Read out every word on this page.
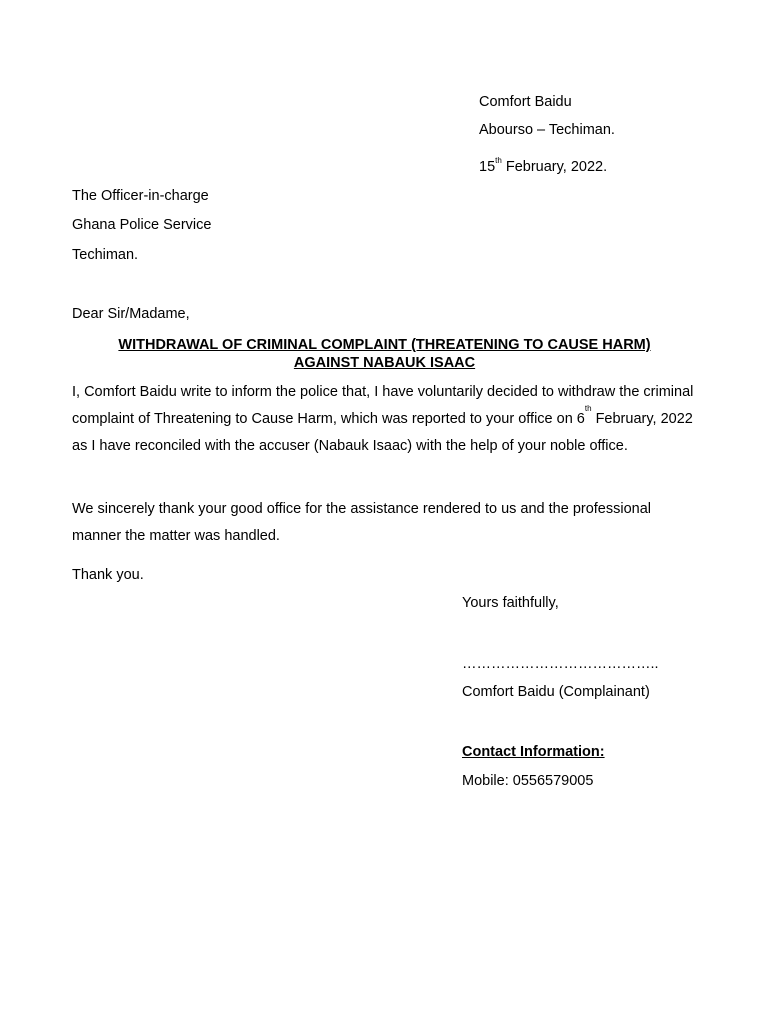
Comfort Baidu
Abourso – Techiman.
15th February, 2022.
The Officer-in-charge
Ghana Police Service
Techiman.
Dear Sir/Madame,
WITHDRAWAL OF CRIMINAL COMPLAINT (THREATENING TO CAUSE HARM)
AGAINST NABAUK ISAAC
I, Comfort Baidu write to inform the police that, I have voluntarily decided to withdraw the criminal complaint of Threatening to Cause Harm, which was reported to your office on 6th February, 2022 as I have reconciled with the accuser (Nabauk Isaac) with the help of your noble office.
We sincerely thank your good office for the assistance rendered to us and the professional manner the matter was handled.
Thank you.
Yours faithfully,
…………………………………..
Comfort Baidu (Complainant)
Contact Information:
Mobile: 0556579005
